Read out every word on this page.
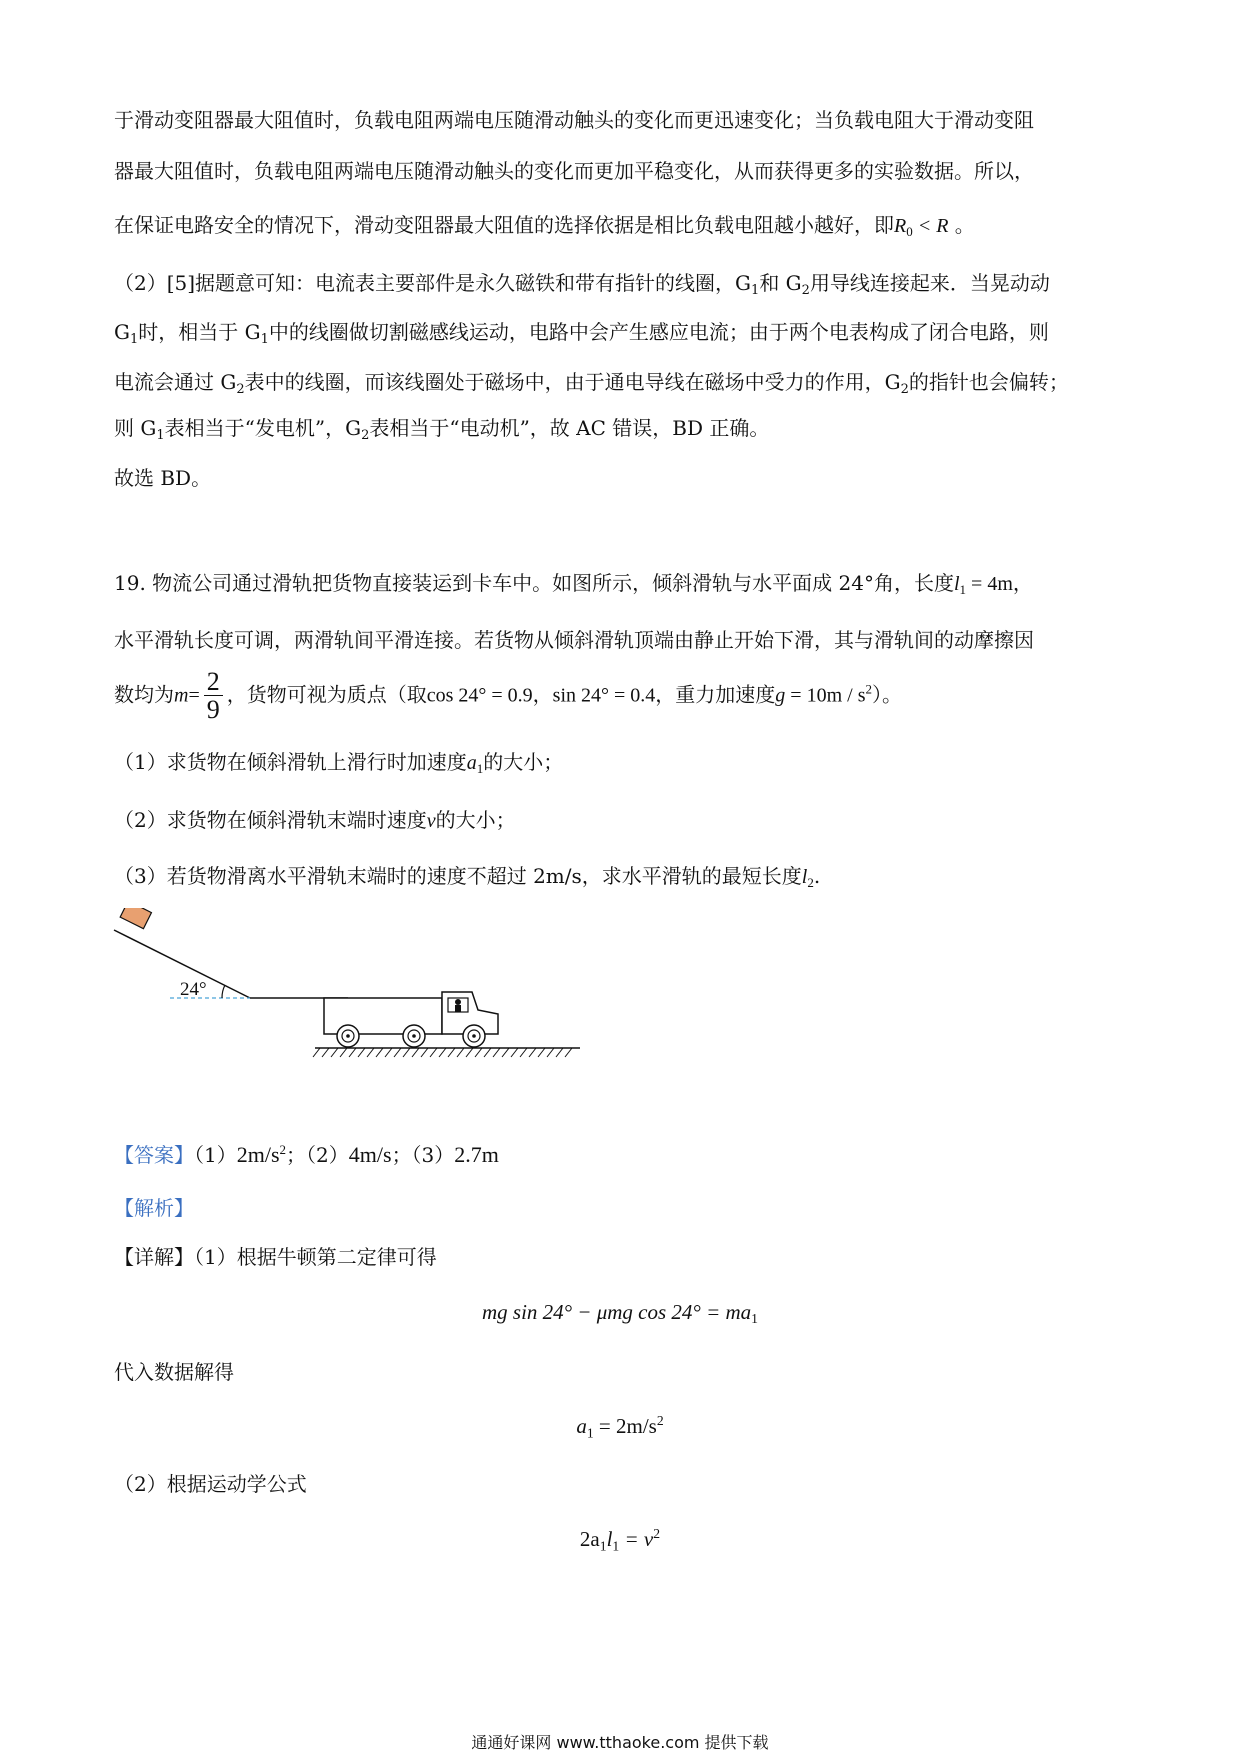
于滑动变阻器最大阻值时，负载电阻两端电压随滑动触头的变化而更迅速变化；当负载电阻大于滑动变阻
器最大阻值时，负载电阻两端电压随滑动触头的变化而更加平稳变化，从而获得更多的实验数据。所以，
在保证电路安全的情况下，滑动变阻器最大阻值的选择依据是相比负载电阻越小越好，即$R_0 < R$ 。
（2）[5]据题意可知：电流表主要部件是永久磁铁和带有指针的线圈，$G_1$和 $G_2$用导线连接起来．当晃动动
$G_1$时，相当于 $G_1$中的线圈做切割磁感线运动，电路中会产生感应电流；由于两个电表构成了闭合电路，则
电流会通过 $G_2$表中的线圈，而该线圈处于磁场中，由于通电导线在磁场中受力的作用，$G_2$的指针也会偏转；
则 $G_1$表相当于“发电机”，$G_2$表相当于“电动机”，故 AC 错误，BD 正确。
故选 BD。
19. 物流公司通过滑轨把货物直接装运到卡车中。如图所示，倾斜滑轨与水平面成 24°角，长度$l_1 = 4m$，
水平滑轨长度可调，两滑轨间平滑连接。若货物从倾斜滑轨顶端由静止开始下滑，其与滑轨间的动摩擦因
数均为$m= \frac{2}{9}$ ，货物可视为质点（取cos 24° = 0.9，sin 24° = 0.4，重力加速度$g = 10m / s^2$）。
（1）求货物在倾斜滑轨上滑行时加速度$a_1$的大小；
（2）求货物在倾斜滑轨末端时速度v的大小；
（3）若货物滑离水平滑轨末端时的速度不超过 2m/s，求水平滑轨的最短长度$l_2$.
24°
【答案】$(1)2m/s^2$；（2）4m/s；（3）2.7m
【解析】
【详解】（1）根据牛顿第二定律可得
mg sin 24° − μmg $\cos 24^\circ = ma_1$
代入数据解得
$a_1 = 2m/s^2$
（2）根据运动学公式
$2a_1l_1 = v^2$
通通好课网 www.tthaoke.com 提供下载
